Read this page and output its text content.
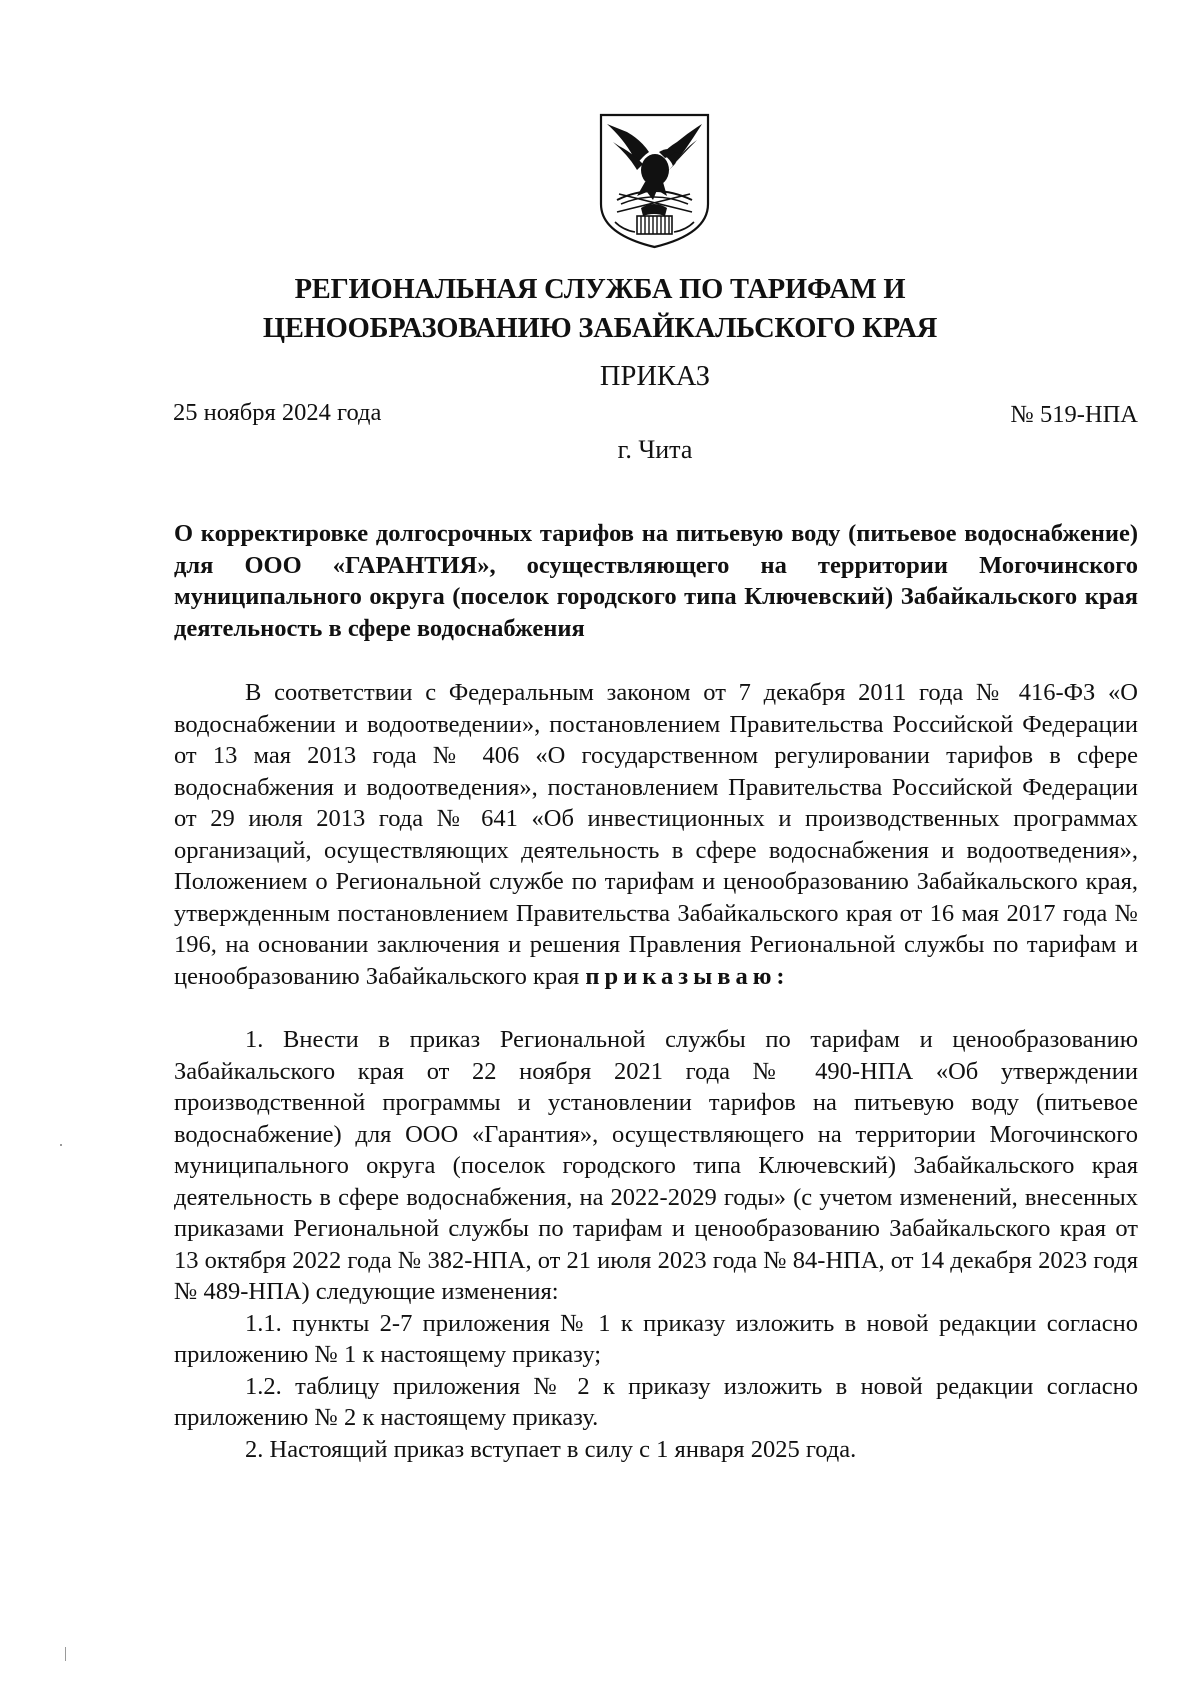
РЕГИОНАЛЬНАЯ СЛУЖБА ПО ТАРИФАМ И
ЦЕНООБРАЗОВАНИЮ ЗАБАЙКАЛЬСКОГО КРАЯ
ПРИКАЗ
25 ноября 2024 года	№ 519-НПА
г. Чита
О корректировке долгосрочных тарифов на питьевую воду (питьевое водоснабжение) для ООО «ГАРАНТИЯ», осуществляющего на территории Могочинского муниципального округа (поселок городского типа Ключевский) Забайкальского края деятельность в сфере водоснабжения

В соответствии с Федеральным законом от 7 декабря 2011 года № 416-ФЗ «О водоснабжении и водоотведении», постановлением Правительства Российской Федерации от 13 мая 2013 года № 406 «О государственном регулировании тарифов в сфере водоснабжения и водоотведения», постановлением Правительства Российской Федерации от 29 июля 2013 года № 641 «Об инвестиционных и производственных программах организаций, осуществляющих деятельность в сфере водоснабжения и водоотведения», Положением о Региональной службе по тарифам и ценообразованию Забайкальского края, утвержденным постановлением Правительства Забайкальского края от 16 мая 2017 года № 196, на основании заключения и решения Правления Региональной службы по тарифам и ценообразованию Забайкальского края приказываю:

1. Внести в приказ Региональной службы по тарифам и ценообразованию Забайкальского края от 22 ноября 2021 года № 490-НПА «Об утверждении производственной программы и установлении тарифов на питьевую воду (питьевое водоснабжение) для ООО «Гарантия», осуществляющего на территории Могочинского муниципального округа (поселок городского типа Ключевский) Забайкальского края деятельность в сфере водоснабжения, на 2022-2029 годы» (с учетом изменений, внесенных приказами Региональной службы по тарифам и ценообразованию Забайкальского края от 13 октября 2022 года № 382-НПА, от 21 июля 2023 года № 84-НПА, от 14 декабря 2023 годя № 489-НПА) следующие изменения:

1.1. пункты 2-7 приложения № 1 к приказу изложить в новой редакции согласно приложению № 1 к настоящему приказу;

1.2. таблицу приложения № 2 к приказу изложить в новой редакции согласно приложению № 2 к настоящему приказу.

2. Настоящий приказ вступает в силу с 1 января 2025 года.
